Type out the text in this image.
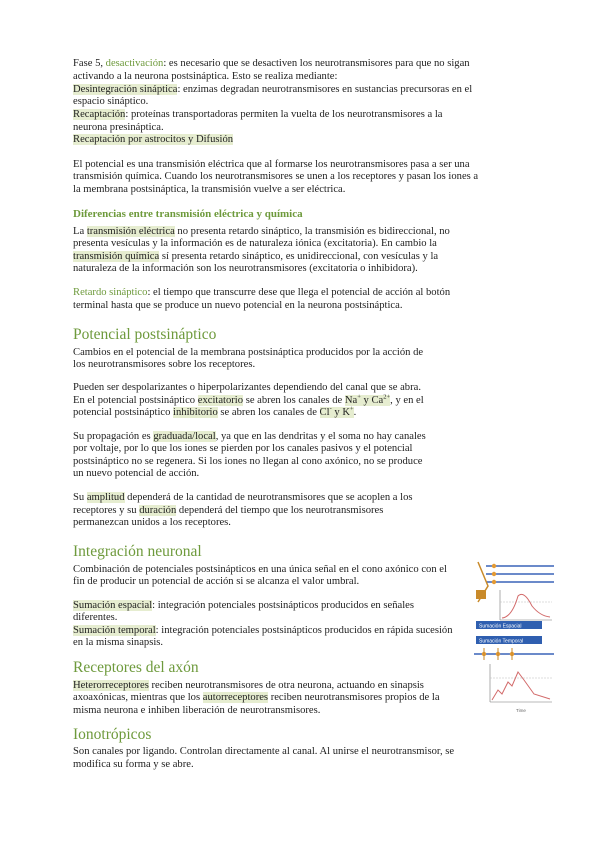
Fase 5, desactivación: es necesario que se desactiven los neurotransmisores para que no sigan

activando a la neurona postsináptica. Esto se realiza mediante:

Desintegración sináptica: enzimas degradan neurotransmisores en sustancias precursoras en el

espacio sináptico.

Recaptación: proteínas transportadoras permiten la vuelta de los neurotransmisores a la

neurona presináptica.

Recaptación por astrocitos y Difusión

El potencial es una transmisión eléctrica que al formarse los neurotransmisores pasa a ser una

transmisión química. Cuando los neurotransmisores se unen a los receptores y pasan los iones a

la membrana postsináptica, la transmisión vuelve a ser eléctrica.

Diferencias entre transmisión eléctrica y química

La transmisión eléctrica no presenta retardo sináptico, la transmisión es bidireccional, no

presenta vesículas y la información es de naturaleza iónica (excitatoria). En cambio la

transmisión química sí presenta retardo sináptico, es unidireccional, con vesículas y la

naturaleza de la información son los neurotransmisores (excitatoria o inhibidora).

Retardo sináptico: el tiempo que transcurre dese que llega el potencial de acción al botón

terminal hasta que se produce un nuevo potencial en la neurona postsináptica.

Potencial postsináptico

Cambios en el potencial de la membrana postsináptica producidos por la acción de

los neurotransmisores sobre los receptores.

Pueden ser despolarizantes o hiperpolarizantes dependiendo del canal que se abra.

En el potencial postsináptico excitatorio se abren los canales de Na+ y $Ca^{2+}$, y en el

potencial postsináptico inhibitorio se abren los canales de Cl- y K+.

Su propagación es graduada/local, ya que en las dendritas y el soma no hay canales

por voltaje, por lo que los iones se pierden por los canales pasivos y el potencial

postsináptico no se regenera. Si los iones no llegan al cono axónico, no se produce

un nuevo potencial de acción.

Su amplitud dependerá de la cantidad de neurotransmisores que se acoplen a los

receptores y su duración dependerá del tiempo que los neurotransmisores

permanezcan unidos a los receptores.

Integración neuronal

Combinación de potenciales postsinápticos en una única señal en el cono axónico con el

fin de producir un potencial de acción si se alcanza el valor umbral.

Sumación espacial: integración potenciales postsinápticos producidos en señales

diferentes.

Sumación temporal: integración potenciales postsinápticos producidos en rápida sucesión

en la misma sinapsis.

Sumación Espacial
Sumación Temporal
Time
Receptores del axón

Heterorreceptores reciben neurotransmisores de otra neurona, actuando en sinapsis

axoaxónicas, mientras que los autorreceptores reciben neurotransmisores propios de la

misma neurona e inhiben liberación de neurotransmisores.

Ionotrópicos

Son canales por ligando. Controlan directamente al canal. Al unirse el neurotransmisor, se

modifica su forma y se abre.
